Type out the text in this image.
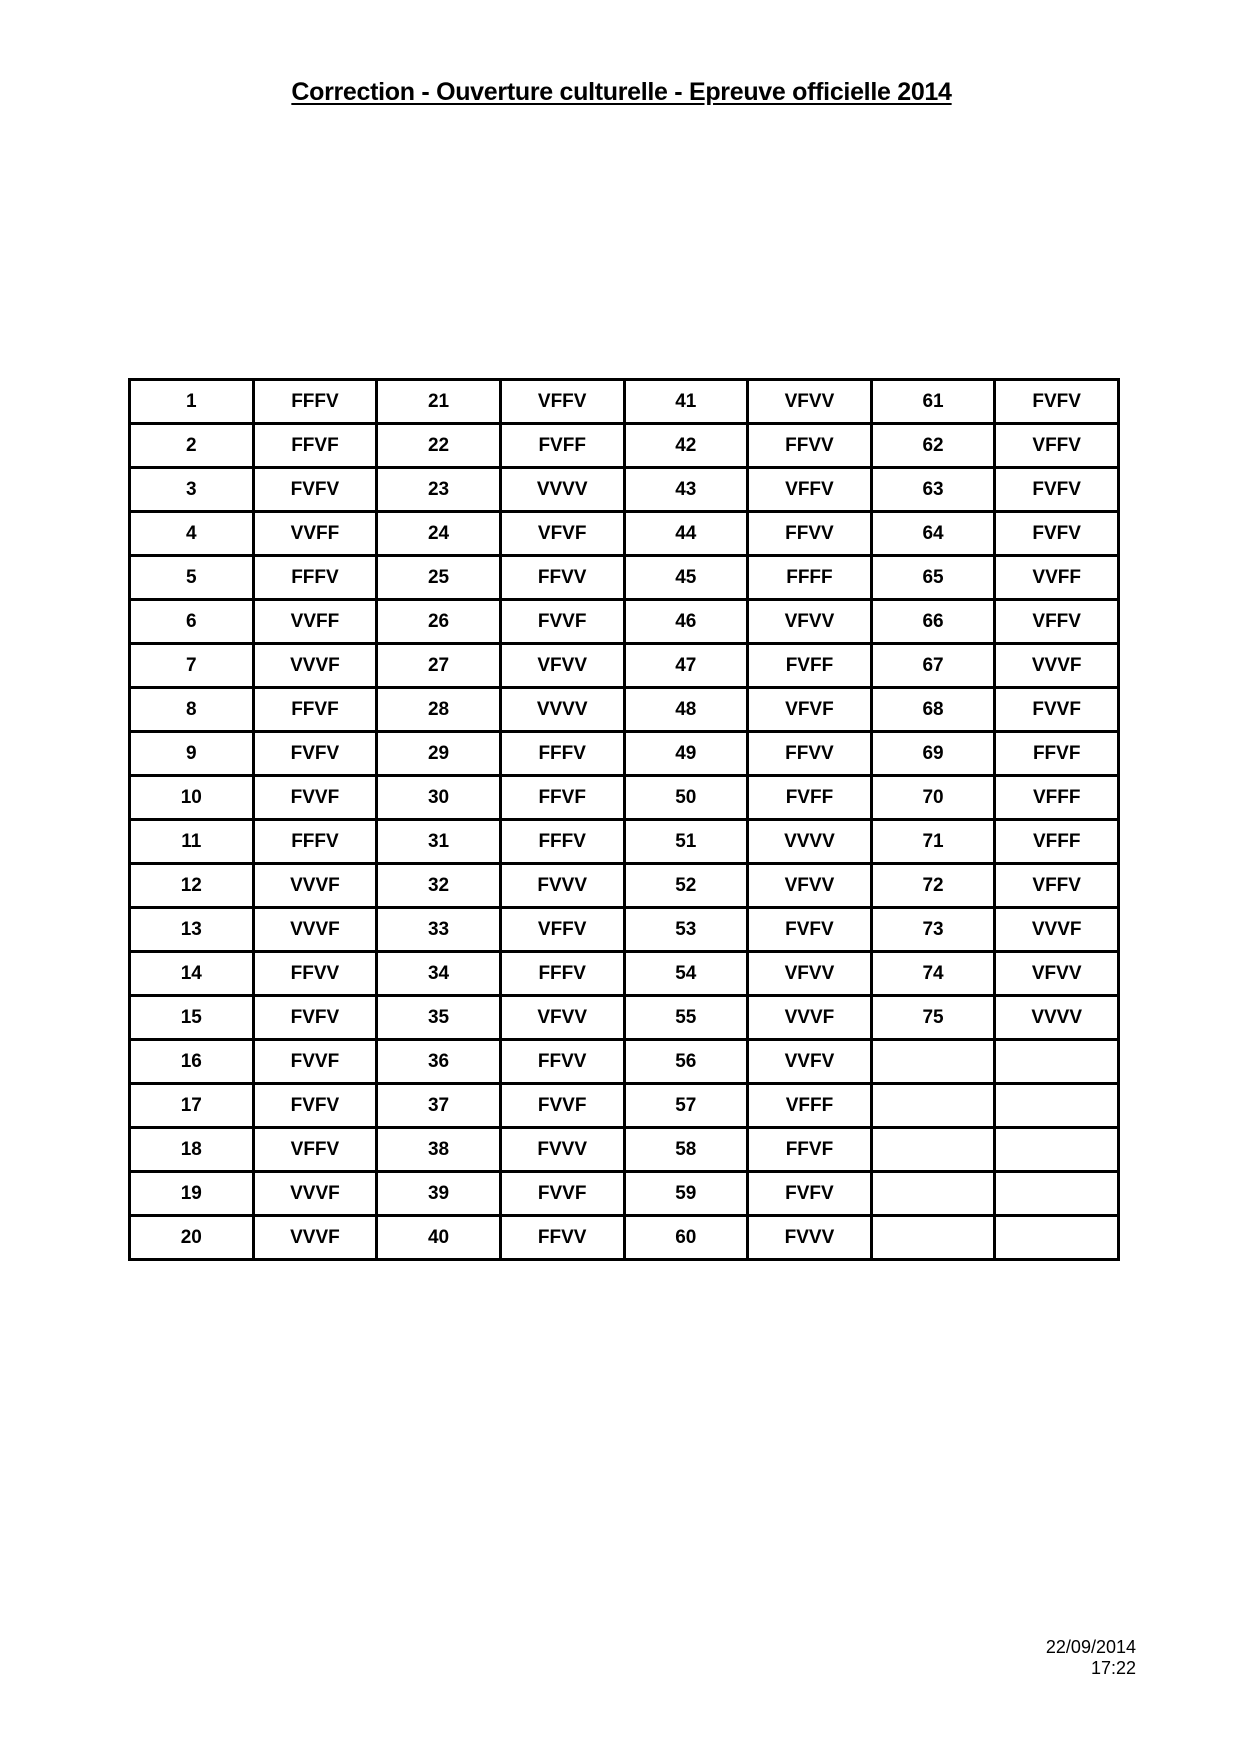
Correction - Ouverture culturelle - Epreuve officielle 2014
1	FFFV	21	VFFV	41	VFVV	61	FVFV
2	FFVF	22	FVFF	42	FFVV	62	VFFV
3	FVFV	23	VVVV	43	VFFV	63	FVFV
4	VVFF	24	VFVF	44	FFVV	64	FVFV
5	FFFV	25	FFVV	45	FFFF	65	VVFF
6	VVFF	26	FVVF	46	VFVV	66	VFFV
7	VVVF	27	VFVV	47	FVFF	67	VVVF
8	FFVF	28	VVVV	48	VFVF	68	FVVF
9	FVFV	29	FFFV	49	FFVV	69	FFVF
10	FVVF	30	FFVF	50	FVFF	70	VFFF
11	FFFV	31	FFFV	51	VVVV	71	VFFF
12	VVVF	32	FVVV	52	VFVV	72	VFFV
13	VVVF	33	VFFV	53	FVFV	73	VVVF
14	FFVV	34	FFFV	54	VFVV	74	VFVV
15	FVFV	35	VFVV	55	VVVF	75	VVVV
16	FVVF	36	FFVV	56	VVFV		
17	FVFV	37	FVVF	57	VFFF		
18	VFFV	38	FVVV	58	FFVF		
19	VVVF	39	FVVF	59	FVFV		
20	VVVF	40	FFVV	60	FVVV		
22/09/2014
17:22
